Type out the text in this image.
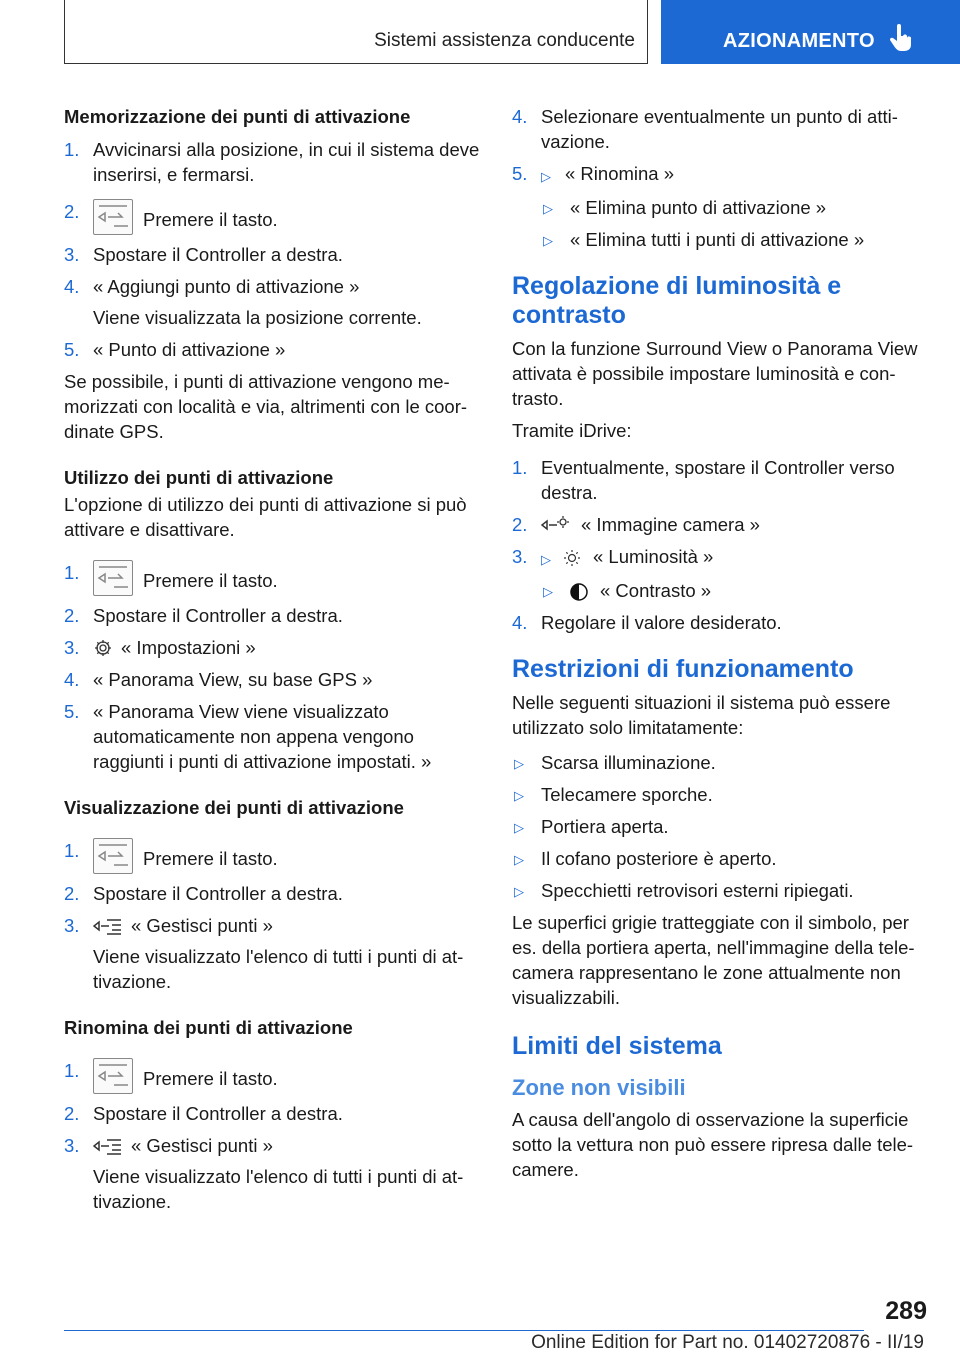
Sistemi assistenza conducente	AZIONAMENTO
Memorizzazione dei punti di attivazione
1. Avvicinarsi alla posizione, in cui il sistema deve inserirsi, e fermarsi.
2.	Premere il tasto.
3. Spostare il Controller a destra.
4. « Aggiungi punto di attivazione »
Viene visualizzata la posizione corrente.
5. « Punto di attivazione »
Se possibile, i punti di attivazione vengono memorizzati con località e via, altrimenti con le coordinate GPS.
Utilizzo dei punti di attivazione
L'opzione di utilizzo dei punti di attivazione si può attivare e disattivare.
1.	Premere il tasto.
2. Spostare il Controller a destra.
3. « Impostazioni »
4. « Panorama View, su base GPS »
5. « Panorama View viene visualizzato automaticamente non appena vengono raggiunti i punti di attivazione impostati. »
Visualizzazione dei punti di attivazione
1.	Premere il tasto.
2. Spostare il Controller a destra.
3.	« Gestisci punti »
Viene visualizzato l'elenco di tutti i punti di attivazione.
Rinomina dei punti di attivazione
1.	Premere il tasto.
2. Spostare il Controller a destra.
3.	« Gestisci punti »
Viene visualizzato l'elenco di tutti i punti di attivazione.
4. Selezionare eventualmente un punto di attivazione.
5. ▷ « Rinomina »
▷ « Elimina punto di attivazione »
▷ « Elimina tutti i punti di attivazione »
Regolazione di luminosità e contrasto
Con la funzione Surround View o Panorama View attivata è possibile impostare luminosità e contrasto.
Tramite iDrive:
1. Eventualmente, spostare il Controller verso destra.
2.	« Immagine camera »
3. ▷ « Luminosità »
▷	« Contrasto »
4. Regolare il valore desiderato.
Restrizioni di funzionamento
Nelle seguenti situazioni il sistema può essere utilizzato solo limitatamente:
▷ Scarsa illuminazione.
▷ Telecamere sporche.
▷ Portiera aperta.
▷ Il cofano posteriore è aperto.
▷ Specchietti retrovisori esterni ripiegati.
Le superfici grigie tratteggiate con il simbolo, per es. della portiera aperta, nell'immagine della telecamera rappresentano le zone attualmente non visualizzabili.
Limiti del sistema
Zone non visibili
A causa dell'angolo di osservazione la superficie sotto la vettura non può essere ripresa dalle telecamere.
289
Online Edition for Part no. 01402720876 - II/19
